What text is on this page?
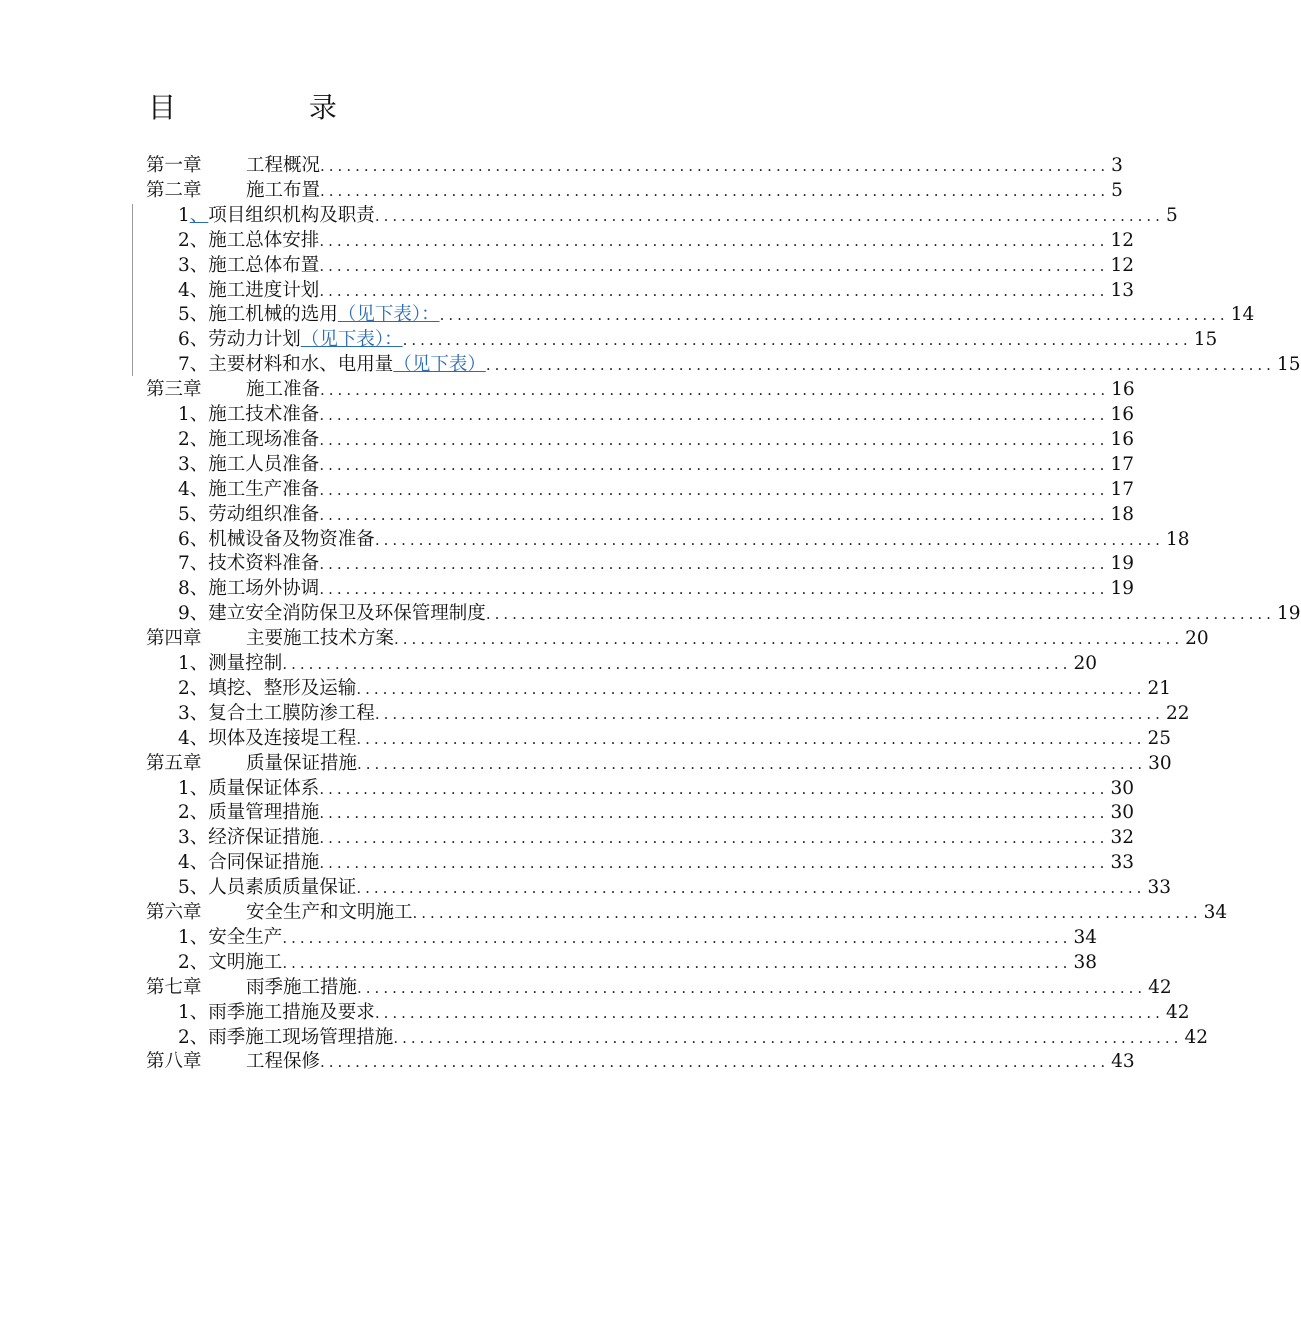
目 录
第一章	工程概况 .......................................................................................... 3
第二章	施工布置 .......................................................................................... 5
1 、 项目组织机构及职责 .......................................................................................... 5
2 、 施工总体安排 .......................................................................................... 12
3 、 施工总体布置 .......................................................................................... 12
4 、 施工进度计划 .......................................................................................... 13
5 、 施工机械的选用 （见下表）： .......................................................................................... 14
6 、 劳动力计划 （见下表）： .......................................................................................... 15
7 、 主要材料和水、电用量 （见下表） .......................................................................................... 15
第三章	施工准备 .......................................................................................... 16
1 、 施工技术准备 .......................................................................................... 16
2 、 施工现场准备 .......................................................................................... 16
3 、 施工人员准备 .......................................................................................... 17
4 、 施工生产准备 .......................................................................................... 17
5 、 劳动组织准备 .......................................................................................... 18
6 、 机械设备及物资准备 .......................................................................................... 18
7 、 技术资料准备 .......................................................................................... 19
8 、 施工场外协调 .......................................................................................... 19
9 、 建立安全消防保卫及环保管理制度 .......................................................................................... 19
第四章	主要施工技术方案 .......................................................................................... 20
1 、 测量控制 .......................................................................................... 20
2 、 填挖、整形及运输 .......................................................................................... 21
3 、 复合土工膜防渗工程 .......................................................................................... 22
4 、 坝体及连接堤工程 .......................................................................................... 25
第五章	质量保证措施 .......................................................................................... 30
1 、 质量保证体系 .......................................................................................... 30
2 、 质量管理措施 .......................................................................................... 30
3 、 经济保证措施 .......................................................................................... 32
4 、 合同保证措施 .......................................................................................... 33
5 、 人员素质质量保证 .......................................................................................... 33
第六章	安全生产和文明施工 .......................................................................................... 34
1 、 安全生产 .......................................................................................... 34
2 、 文明施工 .......................................................................................... 38
第七章	雨季施工措施 .......................................................................................... 42
1 、 雨季施工措施及要求 .......................................................................................... 42
2 、 雨季施工现场管理措施 .......................................................................................... 42
第八章	工程保修 .......................................................................................... 43
